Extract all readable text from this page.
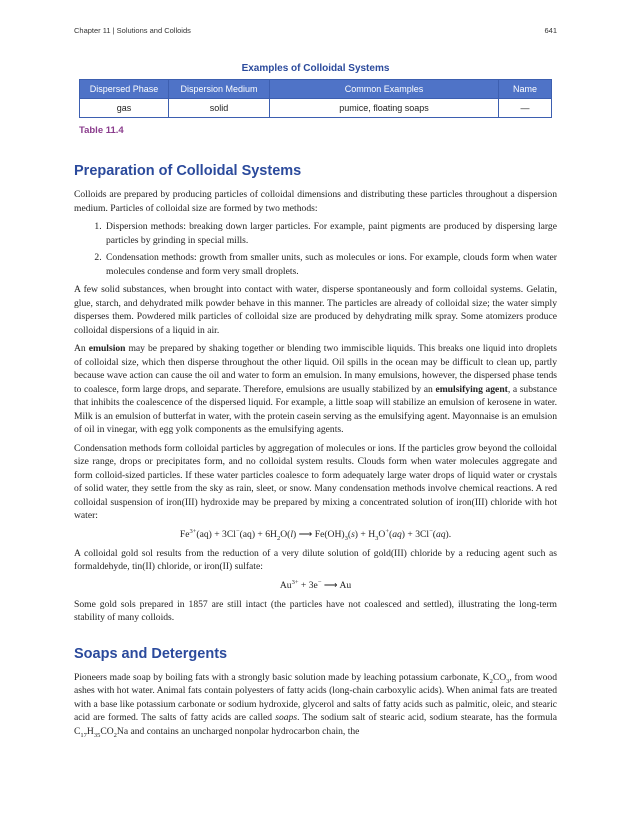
Chapter 11 | Solutions and Colloids	641
Examples of Colloidal Systems
Dispersed Phase	Dispersion Medium	Common Examples	Name
gas	solid	pumice, floating soaps	—
Table 11.4
Preparation of Colloidal Systems

Colloids are prepared by producing particles of colloidal dimensions and distributing these particles throughout a dispersion medium. Particles of colloidal size are formed by two methods:

1. Dispersion methods: breaking down larger particles. For example, paint pigments are produced by dispersing large particles by grinding in special mills.
2. Condensation methods: growth from smaller units, such as molecules or ions. For example, clouds form when water molecules condense and form very small droplets.

A few solid substances, when brought into contact with water, disperse spontaneously and form colloidal systems. Gelatin, glue, starch, and dehydrated milk powder behave in this manner. The particles are already of colloidal size; the water simply disperses them. Powdered milk particles of colloidal size are produced by dehydrating milk spray. Some atomizers produce colloidal dispersions of a liquid in air.

An emulsion may be prepared by shaking together or blending two immiscible liquids. This breaks one liquid into droplets of colloidal size, which then disperse throughout the other liquid. Oil spills in the ocean may be difficult to clean up, partly because wave action can cause the oil and water to form an emulsion. In many emulsions, however, the dispersed phase tends to coalesce, form large drops, and separate. Therefore, emulsions are usually stabilized by an emulsifying agent, a substance that inhibits the coalescence of the dispersed liquid. For example, a little soap will stabilize an emulsion of kerosene in water. Milk is an emulsion of butterfat in water, with the protein casein serving as the emulsifying agent. Mayonnaise is an emulsion of oil in vinegar, with egg yolk components as the emulsifying agents.

Condensation methods form colloidal particles by aggregation of molecules or ions. If the particles grow beyond the colloidal size range, drops or precipitates form, and no colloidal system results. Clouds form when water molecules aggregate and form colloid-sized particles. If these water particles coalesce to form adequately large water drops of liquid water or crystals of solid water, they settle from the sky as rain, sleet, or snow. Many condensation methods involve chemical reactions. A red colloidal suspension of iron(III) hydroxide may be prepared by mixing a concentrated solution of iron(III) chloride with hot water:

$Fe^{3+}(aq) + 3Cl^-(aq) + 6H_2O(l)$ ⟶ $Fe(OH)_3(s) + H_3O^+(aq) + 3Cl^-(aq)$.

A colloidal gold sol results from the reduction of a very dilute solution of gold(III) chloride by a reducing agent such as formaldehyde, tin(II) chloride, or iron(II) sulfate:

$Au^{3+} + 3e^-$ ⟶ Au

Some gold sols prepared in 1857 are still intact (the particles have not coalesced and settled), illustrating the long-term stability of many colloids.

Soaps and Detergents

Pioneers made soap by boiling fats with a strongly basic solution made by leaching potassium carbonate, $K_2CO_3$, from wood ashes with hot water. Animal fats contain polyesters of fatty acids (long-chain carboxylic acids). When animal fats are treated with a base like potassium carbonate or sodium hydroxide, glycerol and salts of fatty acids such as palmitic, oleic, and stearic acid are formed. The salts of fatty acids are called soaps. The sodium salt of stearic acid, sodium stearate, has the formula $C_{17}H_{35}CO_2Na$ and contains an uncharged nonpolar hydrocarbon chain, the
